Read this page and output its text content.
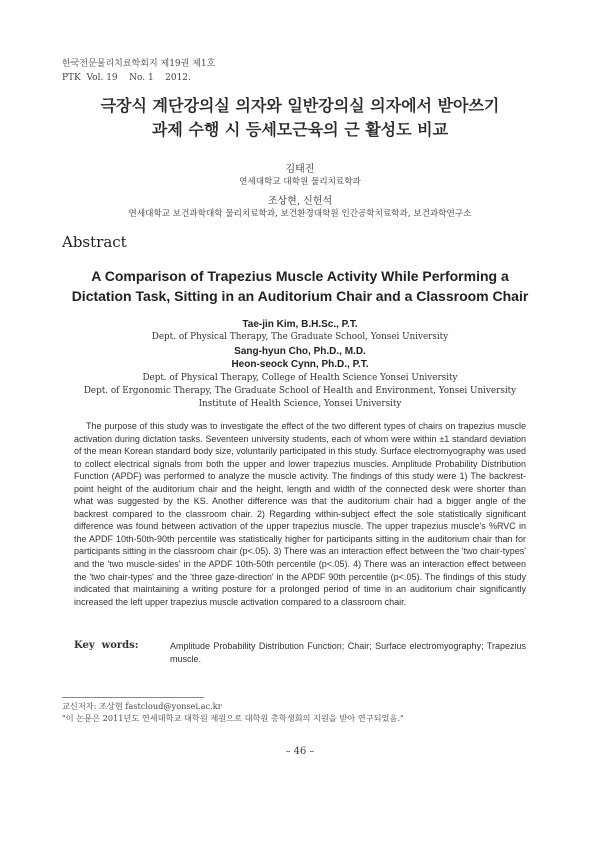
한국전문물리치료학회지 제19권 제1호
PTK  Vol. 19    No. 1    2012.
극장식 계단강의실 의자와 일반강의실 의자에서 받아쓰기
과제 수행 시 등세모근육의 근 활성도 비교
김태진
연세대학교 대학원 물리치료학과
조상현, 신헌석
연세대학교 보건과학대학 물리치료학과, 보건환경대학원 인간공학치료학과, 보건과학연구소
Abstract
A Comparison of Trapezius Muscle Activity While Performing a
Dictation Task, Sitting in an Auditorium Chair and a Classroom Chair
Tae-jin Kim, B.H.Sc., P.T.
Dept. of Physical Therapy, The Graduate School, Yonsei University
Sang-hyun Cho, Ph.D., M.D.
Heon-seock Cynn, Ph.D., P.T.
Dept. of Physical Therapy, College of Health Science Yonsei University
Dept. of Ergonomic Therapy, The Graduate School of Health and Environment, Yonsei University
Institute of Health Science, Yonsei University

The purpose of this study was to investigate the effect of the two different types of chairs on trapezius muscle activation during dictation tasks. Seventeen university students, each of whom were within ±1 standard deviation of the mean Korean standard body size, voluntarily participated in this study. Surface electromyography was used to collect electrical signals from both the upper and lower trapezius muscles. Amplitude Probability Distribution Function (APDF) was performed to analyze the muscle activity. The findings of this study were 1) The backrest-point height of the auditorium chair and the height, length and width of the connected desk were shorter than what was suggested by the KS. Another difference was that the auditorium chair had a bigger angle of the backrest compared to the classroom chair. 2) Regarding within-subject effect the sole statistically significant difference was found between activation of the upper trapezius muscle. The upper trapezius muscle's %RVC in the APDF 10th-50th-90th percentile was statistically higher for participants sitting in the auditorium chair than for participants sitting in the classroom chair (p<.05). 3) There was an interaction effect between the 'two chair-types' and the 'two muscle-sides' in the APDF 10th-50th percentile (p<.05). 4) There was an interaction effect between the 'two chair-types' and the 'three gaze-direction' in the APDF 90th percentile (p<.05). The findings of this study indicated that maintaining a writing posture for a prolonged period of time in an auditorium chair significantly increased the left upper trapezius muscle activation compared to a classroom chair.

Key  words:	Amplitude Probability Distribution Function; Chair; Surface electromyography; Trapezius muscle.
교신저자: 조상현 fastcloud@yonsei.ac.kr
"이 논문은 2011년도 연세대학교 대학원 제원으로 대학원 총학생회의 지원을 받아 연구되었음."
– 46 –
